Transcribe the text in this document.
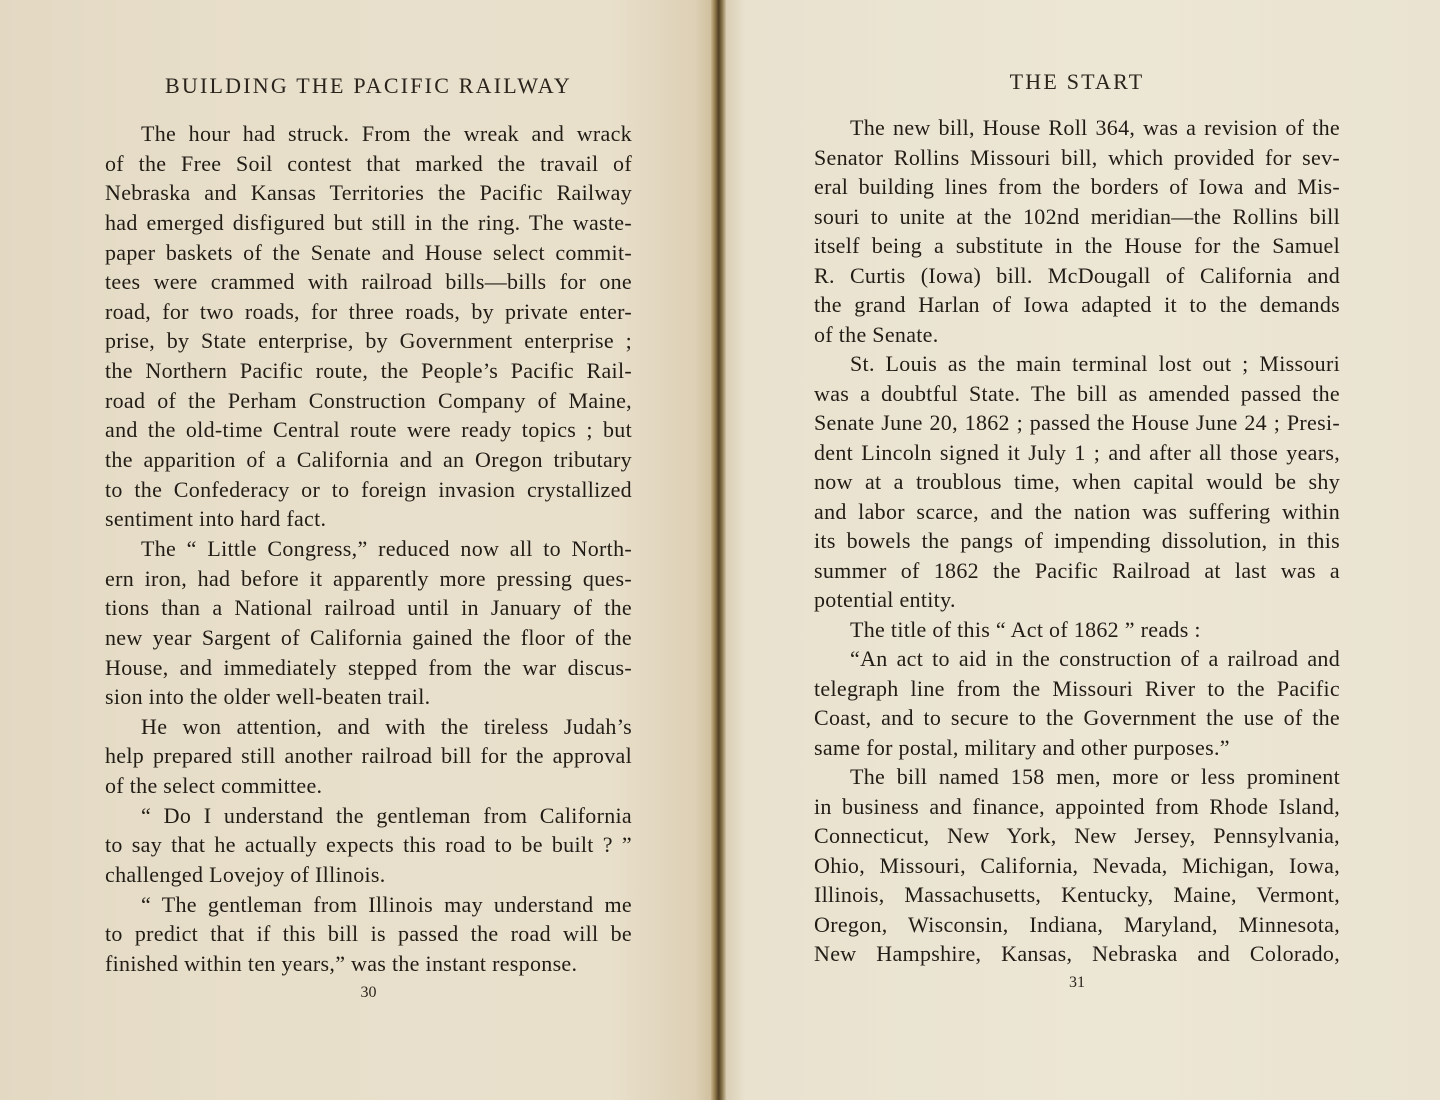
BUILDING THE PACIFIC RAILWAY
The hour had struck. From the wreak and wrack
of the Free Soil contest that marked the travail of
Nebraska and Kansas Territories the Pacific Railway
had emerged disfigured but still in the ring. The waste-
paper baskets of the Senate and House select commit-
tees were crammed with railroad bills—bills for one
road, for two roads, for three roads, by private enter-
prise, by State enterprise, by Government enterprise ;
the Northern Pacific route, the People’s Pacific Rail-
road of the Perham Construction Company of Maine,
and the old-time Central route were ready topics ; but
the apparition of a California and an Oregon tributary
to the Confederacy or to foreign invasion crystallized
sentiment into hard fact.
The “ Little Congress,” reduced now all to North-
ern iron, had before it apparently more pressing ques-
tions than a National railroad until in January of the
new year Sargent of California gained the floor of the
House, and immediately stepped from the war discus-
sion into the older well-beaten trail.
He won attention, and with the tireless Judah’s
help prepared still another railroad bill for the approval
of the select committee.
“ Do I understand the gentleman from California
to say that he actually expects this road to be built ? ”
challenged Lovejoy of Illinois.
“ The gentleman from Illinois may understand me
to predict that if this bill is passed the road will be
finished within ten years,” was the instant response.
30
THE START
The new bill, House Roll 364, was a revision of the
Senator Rollins Missouri bill, which provided for sev-
eral building lines from the borders of Iowa and Mis-
souri to unite at the 102nd meridian—the Rollins bill
itself being a substitute in the House for the Samuel
R. Curtis (Iowa) bill. McDougall of California and
the grand Harlan of Iowa adapted it to the demands
of the Senate.
St. Louis as the main terminal lost out ; Missouri
was a doubtful State. The bill as amended passed the
Senate June 20, 1862 ; passed the House June 24 ; Presi-
dent Lincoln signed it July 1 ; and after all those years,
now at a troublous time, when capital would be shy
and labor scarce, and the nation was suffering within
its bowels the pangs of impending dissolution, in this
summer of 1862 the Pacific Railroad at last was a
potential entity.
The title of this “ Act of 1862 ” reads :
“An act to aid in the construction of a railroad and
telegraph line from the Missouri River to the Pacific
Coast, and to secure to the Government the use of the
same for postal, military and other purposes.”
The bill named 158 men, more or less prominent
in business and finance, appointed from Rhode Island,
Connecticut, New York, New Jersey, Pennsylvania,
Ohio, Missouri, California, Nevada, Michigan, Iowa,
Illinois, Massachusetts, Kentucky, Maine, Vermont,
Oregon, Wisconsin, Indiana, Maryland, Minnesota,
New Hampshire, Kansas, Nebraska and Colorado,
31
